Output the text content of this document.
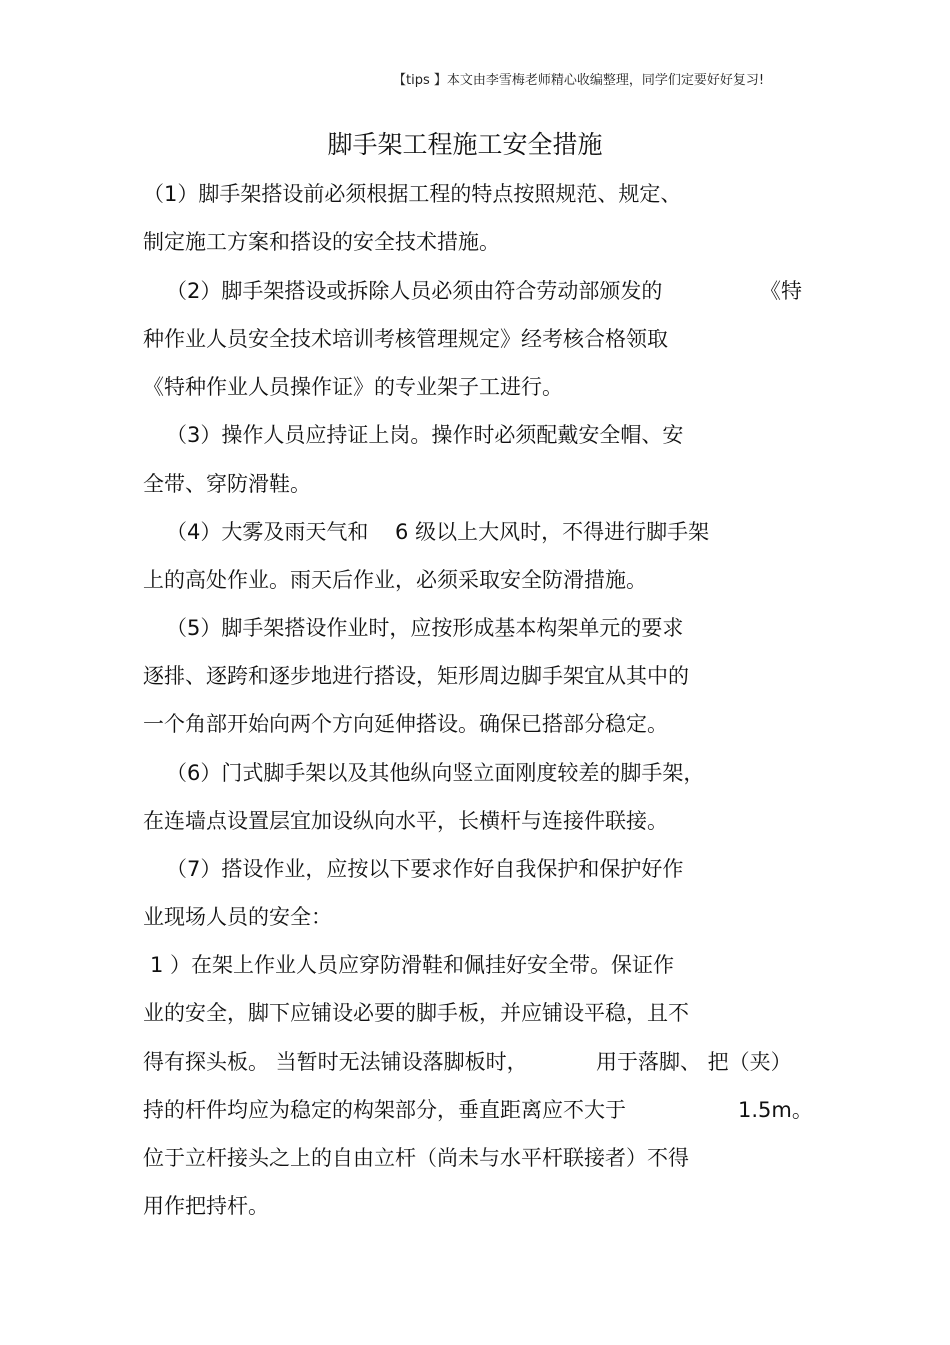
【tips 】本文由李雪梅老师精心收编整理，同学们定要好好复习!
脚手架工程施工安全措施
（1）脚手架搭设前必须根据工程的特点按照规范、规定、
制定施工方案和搭设的安全技术措施。
（2）脚手架搭设或拆除人员必须由符合劳动部颁发的	《特
种作业人员安全技术培训考核管理规定》经考核合格领取
《特种作业人员操作证》的专业架子工进行。
（3）操作人员应持证上岗。操作时必须配戴安全帽、安
全带、穿防滑鞋。
（4）大雾及雨天气和    6 级以上大风时，不得进行脚手架
上的高处作业。雨天后作业，必须采取安全防滑措施。
（5）脚手架搭设作业时，应按形成基本构架单元的要求
逐排、逐跨和逐步地进行搭设，矩形周边脚手架宜从其中的
一个角部开始向两个方向延伸搭设。确保已搭部分稳定。
（6）门式脚手架以及其他纵向竖立面刚度较差的脚手架，
在连墙点设置层宜加设纵向水平，长横杆与连接件联接。
（7）搭设作业，应按以下要求作好自我保护和保护好作
业现场人员的安全：
1 ）在架上作业人员应穿防滑鞋和佩挂好安全带。保证作
业的安全，脚下应铺设必要的脚手板，并应铺设平稳，且不
得有探头板。 当暂时无法铺设落脚板时，	用于落脚、 把（夹）
持的杆件均应为稳定的构架部分，垂直距离应不大于	1.5m。
位于立杆接头之上的自由立杆（尚未与水平杆联接者）不得
用作把持杆。
